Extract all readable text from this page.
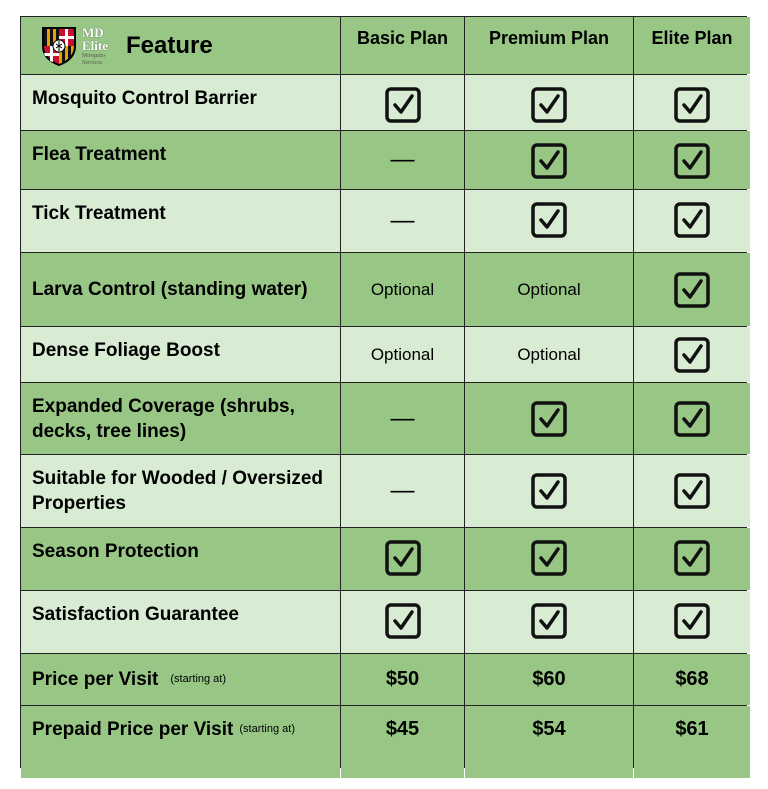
MD
Elite
Mosquito
Services
Feature	Basic Plan	Premium Plan	Elite Plan
Mosquito Control Barrier
Flea Treatment	—
Tick Treatment	—
Larva Control (standing water)	Optional	Optional
Dense Foliage Boost	Optional	Optional
Expanded Coverage (shrubs, decks, tree lines)	—
Suitable for Wooded / Oversized Properties	—
Season Protection
Satisfaction Guarantee
Price per Visit (starting at)	$50	$60	$68
Prepaid Price per Visit (starting at)	$45	$54	$61
